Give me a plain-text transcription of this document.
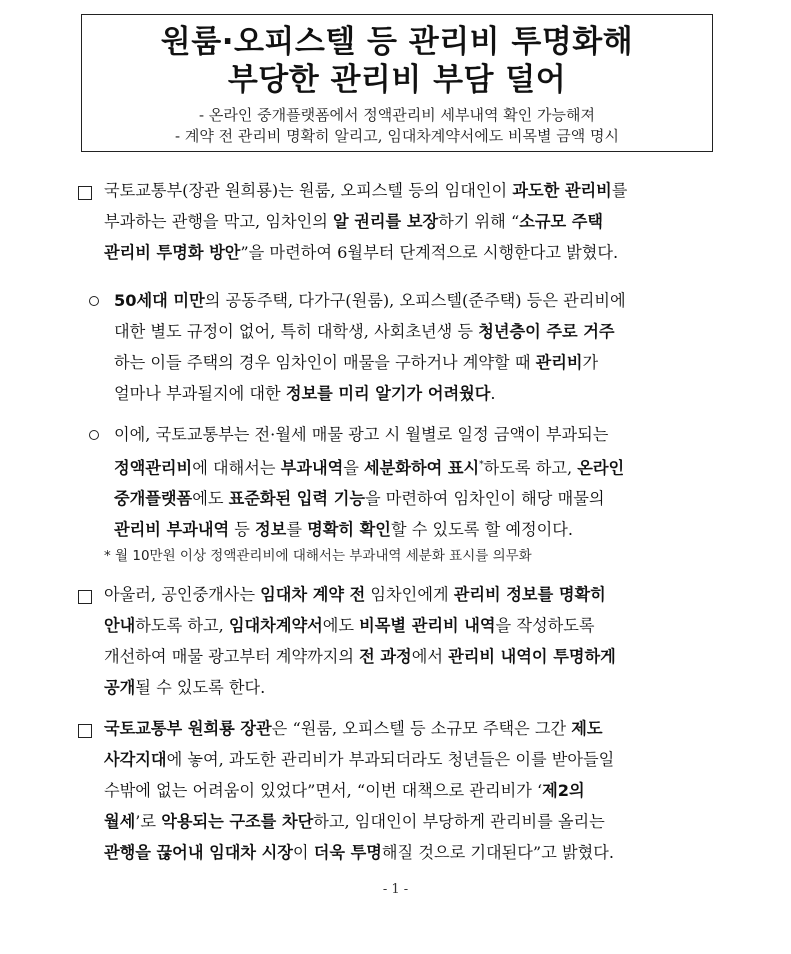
원룸·오피스텔 등 관리비 투명화해
부당한 관리비 부담 덜어
- 온라인 중개플랫폼에서 정액관리비 세부내역 확인 가능해져
- 계약 전 관리비 명확히 알리고, 임대차계약서에도 비목별 금액 명시
국토교통부(장관 원희룡)는 원룸, 오피스텔 등의 임대인이 과도한 관리비를
부과하는 관행을 막고, 임차인의 알 권리를 보장하기 위해 “소규모 주택
관리비 투명화 방안”을 마련하여 6월부터 단계적으로 시행한다고 밝혔다.
50세대 미만의 공동주택, 다가구(원룸), 오피스텔(준주택) 등은 관리비에
대한 별도 규정이 없어, 특히 대학생, 사회초년생 등 청년층이 주로 거주
하는 이들 주택의 경우 임차인이 매물을 구하거나 계약할 때 관리비가
얼마나 부과될지에 대한 정보를 미리 알기가 어려웠다.
이에, 국토교통부는 전·월세 매물 광고 시 월별로 일정 금액이 부과되는
정액관리비에 대해서는 부과내역을 세분화하여 표시*하도록 하고, 온라인
중개플랫폼에도 표준화된 입력 기능을 마련하여 임차인이 해당 매물의
관리비 부과내역 등 정보를 명확히 확인할 수 있도록 할 예정이다.
* 월 10만원 이상 정액관리비에 대해서는 부과내역 세분화 표시를 의무화
아울러, 공인중개사는 임대차 계약 전 임차인에게 관리비 정보를 명확히
안내하도록 하고, 임대차계약서에도 비목별 관리비 내역을 작성하도록
개선하여 매물 광고부터 계약까지의 전 과정에서 관리비 내역이 투명하게
공개될 수 있도록 한다.
국토교통부 원희룡 장관은 “원룸, 오피스텔 등 소규모 주택은 그간 제도
사각지대에 놓여, 과도한 관리비가 부과되더라도 청년들은 이를 받아들일
수밖에 없는 어려움이 있었다”면서, “이번 대책으로 관리비가 ‘제2의
월세’로 악용되는 구조를 차단하고, 임대인이 부당하게 관리비를 올리는
관행을 끊어내 임대차 시장이 더욱 투명해질 것으로 기대된다”고 밝혔다.
- 1 -
